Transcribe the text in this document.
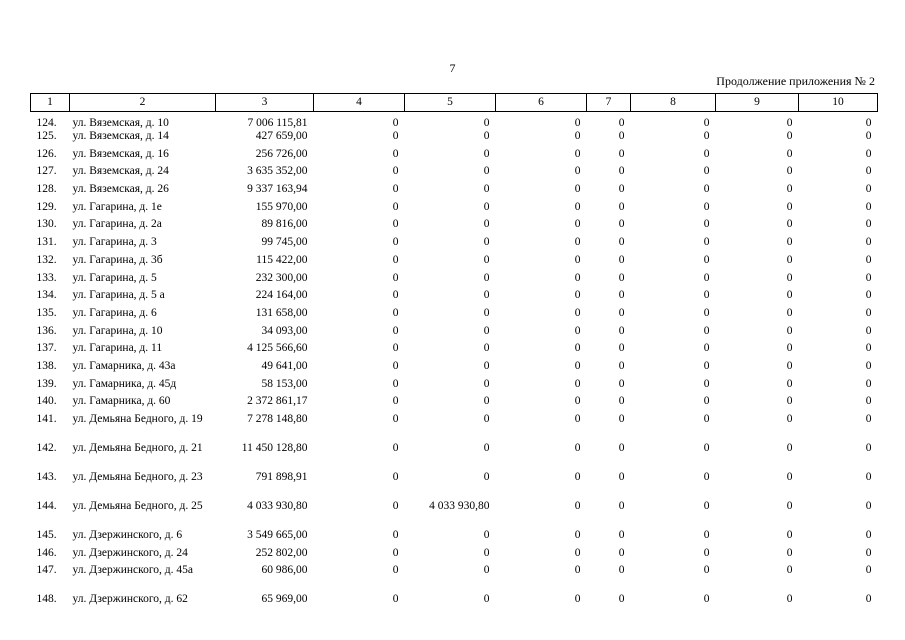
7
Продолжение приложения № 2
1	2	3	4	5	6	7	8	9	10
124.	ул. Вяземская, д. 10	7 006 115,81	0	0	0	0	0	0	0
125.	ул. Вяземская, д. 14	427 659,00	0	0	0	0	0	0	0
126.	ул. Вяземская, д. 16	256 726,00	0	0	0	0	0	0	0
127.	ул. Вяземская, д. 24	3 635 352,00	0	0	0	0	0	0	0
128.	ул. Вяземская, д. 26	9 337 163,94	0	0	0	0	0	0	0
129.	ул. Гагарина, д. 1е	155 970,00	0	0	0	0	0	0	0
130.	ул. Гагарина, д. 2а	89 816,00	0	0	0	0	0	0	0
131.	ул. Гагарина, д. 3	99 745,00	0	0	0	0	0	0	0
132.	ул. Гагарина, д. 3б	115 422,00	0	0	0	0	0	0	0
133.	ул. Гагарина, д. 5	232 300,00	0	0	0	0	0	0	0
134.	ул. Гагарина, д. 5 а	224 164,00	0	0	0	0	0	0	0
135.	ул. Гагарина, д. 6	131 658,00	0	0	0	0	0	0	0
136.	ул. Гагарина, д. 10	34 093,00	0	0	0	0	0	0	0
137.	ул. Гагарина, д. 11	4 125 566,60	0	0	0	0	0	0	0
138.	ул. Гамарника, д. 43а	49 641,00	0	0	0	0	0	0	0
139.	ул. Гамарника, д. 45д	58 153,00	0	0	0	0	0	0	0
140.	ул. Гамарника, д. 60	2 372 861,17	0	0	0	0	0	0	0
141.	ул. Демьяна Бедного, д. 19	7 278 148,80	0	0	0	0	0	0	0
142.	ул. Демьяна Бедного, д. 21	11 450 128,80	0	0	0	0	0	0	0
143.	ул. Демьяна Бедного, д. 23	791 898,91	0	0	0	0	0	0	0
144.	ул. Демьяна Бедного, д. 25	4 033 930,80	0	4 033 930,80	0	0	0	0	0
145.	ул. Дзержинского, д. 6	3 549 665,00	0	0	0	0	0	0	0
146.	ул. Дзержинского, д. 24	252 802,00	0	0	0	0	0	0	0
147.	ул. Дзержинского, д. 45а	60 986,00	0	0	0	0	0	0	0
148.	ул. Дзержинского, д. 62	65 969,00	0	0	0	0	0	0	0
